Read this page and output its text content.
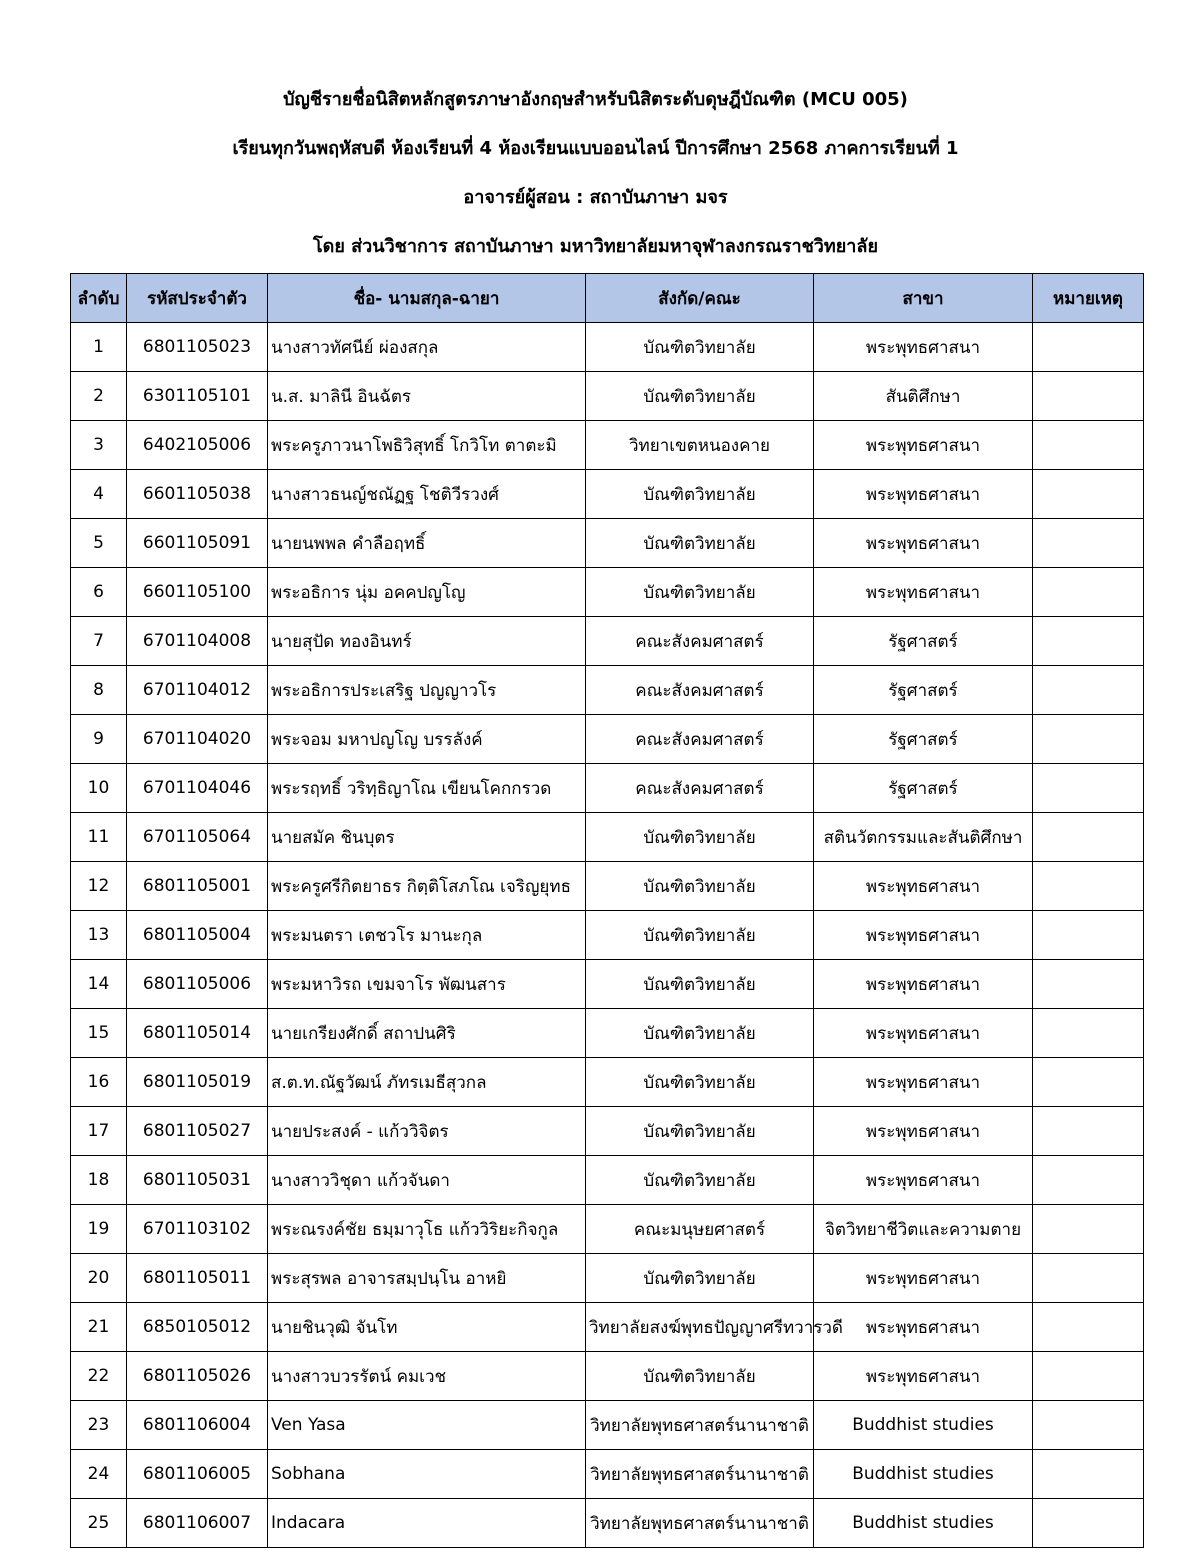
บัญชีรายชื่อนิสิตหลักสูตรภาษาอังกฤษสำหรับนิสิตระดับดุษฎีบัณฑิต (MCU 005)
เรียนทุกวันพฤหัสบดี ห้องเรียนที่ 4 ห้องเรียนแบบออนไลน์ ปีการศึกษา 2568 ภาคการเรียนที่ 1
อาจารย์ผู้สอน : สถาบันภาษา มจร
โดย ส่วนวิชาการ สถาบันภาษา มหาวิทยาลัยมหาจุฬาลงกรณราชวิทยาลัย
ลำดับ	รหัสประจำตัว	ชื่อ- นามสกุล-ฉายา	สังกัด/คณะ	สาขา	หมายเหตุ
1	6801105023	นางสาวทัศนีย์ ผ่องสกุล	บัณฑิตวิทยาลัย	พระพุทธศาสนา	
2	6301105101	น.ส. มาลินี อินฉัตร	บัณฑิตวิทยาลัย	สันติศึกษา	
3	6402105006	พระครูภาวนาโพธิวิสุทธิ์ โกวิโท ตาตะมิ	วิทยาเขตหนองคาย	พระพุทธศาสนา	
4	6601105038	นางสาวธนญ์ชณัฏฐ โชติวีรวงศ์	บัณฑิตวิทยาลัย	พระพุทธศาสนา	
5	6601105091	นายนพพล คำลือฤทธิ์	บัณฑิตวิทยาลัย	พระพุทธศาสนา	
6	6601105100	พระอธิการ นุ่ม อคคปญโญ	บัณฑิตวิทยาลัย	พระพุทธศาสนา	
7	6701104008	นายสุปัด ทองอินทร์	คณะสังคมศาสตร์	รัฐศาสตร์	
8	6701104012	พระอธิการประเสริฐ ปญญาวโร	คณะสังคมศาสตร์	รัฐศาสตร์	
9	6701104020	พระจอม มหาปญโญ บรรลังค์	คณะสังคมศาสตร์	รัฐศาสตร์	
10	6701104046	พระรฤทธิ์ วริทฺธิญาโณ เขียนโคกกรวด	คณะสังคมศาสตร์	รัฐศาสตร์	
11	6701105064	นายสมัค ชินบุตร	บัณฑิตวิทยาลัย	สตินวัตกรรมและสันติศึกษา	
12	6801105001	พระครูศรีกิตยาธร กิตฺติโสภโณ เจริญยุทธ	บัณฑิตวิทยาลัย	พระพุทธศาสนา	
13	6801105004	พระมนตรา เตชวโร มานะกุล	บัณฑิตวิทยาลัย	พระพุทธศาสนา	
14	6801105006	พระมหาวิรถ เขมจาโร พัฒนสาร	บัณฑิตวิทยาลัย	พระพุทธศาสนา	
15	6801105014	นายเกรียงศักดิ์ สถาปนศิริ	บัณฑิตวิทยาลัย	พระพุทธศาสนา	
16	6801105019	ส.ต.ท.ณัฐวัฒน์ ภัทรเมธีสุวกล	บัณฑิตวิทยาลัย	พระพุทธศาสนา	
17	6801105027	นายประสงค์ - แก้ววิจิตร	บัณฑิตวิทยาลัย	พระพุทธศาสนา	
18	6801105031	นางสาววิชุดา แก้วจันดา	บัณฑิตวิทยาลัย	พระพุทธศาสนา	
19	6701103102	พระณรงค์ชัย ธมฺมาวุโธ แก้ววิริยะกิจกูล	คณะมนุษยศาสตร์	จิตวิทยาชีวิตและความตาย	
20	6801105011	พระสุรพล อาจารสมฺปนฺโน อาหยิ	บัณฑิตวิทยาลัย	พระพุทธศาสนา	
21	6850105012	นายชินวุฒิ จันโท	วิทยาลัยสงฆ์พุทธปัญญาศรีทวารวดี	พระพุทธศาสนา	
22	6801105026	นางสาวบวรรัตน์ คมเวช	บัณฑิตวิทยาลัย	พระพุทธศาสนา	
23	6801106004	Ven Yasa	วิทยาลัยพุทธศาสตร์นานาชาติ	Buddhist studies	
24	6801106005	Sobhana	วิทยาลัยพุทธศาสตร์นานาชาติ	Buddhist studies	
25	6801106007	Indacara	วิทยาลัยพุทธศาสตร์นานาชาติ	Buddhist studies	
